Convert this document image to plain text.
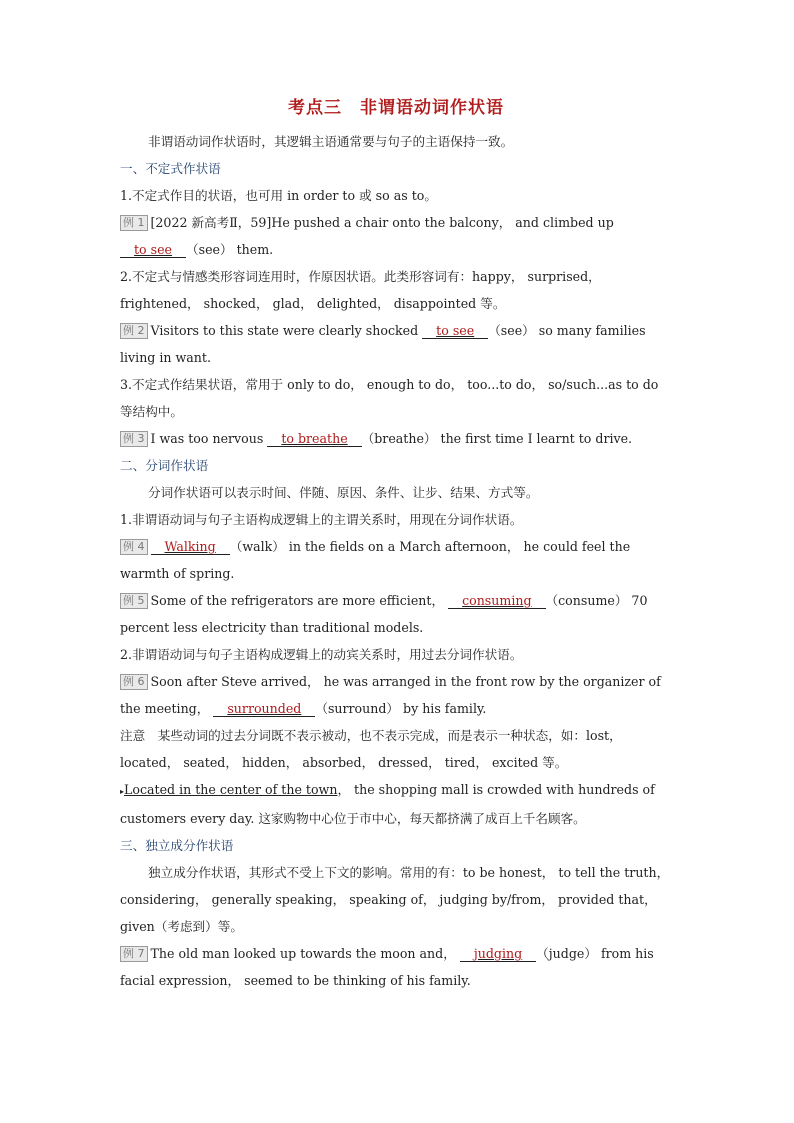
考点三　非谓语动词作状语

非谓语动词作状语时，其逻辑主语通常要与句子的主语保持一致。

一、不定式作状语

1.不定式作目的状语，也可用 in order to 或 so as to。

例 1 [2022 新高考Ⅱ，59]He pushed a chair onto the balcony， and climbed up to see （see） them.

2.不定式与情感类形容词连用时，作原因状语。此类形容词有：happy， surprised， frightened， shocked， glad， delighted， disappointed 等。

例 2 Visitors to this state were clearly shocked to see （see） so many families living in want.

3.不定式作结果状语，常用于 only to do， enough to do， too...to do， so/such...as to do 等结构中。

例 3 I was too nervous to breathe （breathe） the first time I learnt to drive.

二、分词作状语

分词作状语可以表示时间、伴随、原因、条件、让步、结果、方式等。

1.非谓语动词与句子主语构成逻辑上的主谓关系时，用现在分词作状语。

例 4 Walking （walk） in the fields on a March afternoon， he could feel the warmth of spring.

例 5 Some of the refrigerators are more efficient， consuming （consume） 70 percent less electricity than traditional models.

2.非谓语动词与句子主语构成逻辑上的动宾关系时，用过去分词作状语。

例 6 Soon after Steve arrived， he was arranged in the front row by the organizer of the meeting， surrounded （surround） by his family.

注意　某些动词的过去分词既不表示被动，也不表示完成，而是表示一种状态，如：lost， located， seated， hidden， absorbed， dressed， tired， excited 等。

▸Located in the center of the town， the shopping mall is crowded with hundreds of customers every day. 这家购物中心位于市中心，每天都挤满了成百上千名顾客。

三、独立成分作状语

独立成分作状语，其形式不受上下文的影响。常用的有：to be honest， to tell the truth， considering， generally speaking， speaking of， judging by/from， provided that， given（考虑到）等。

例 7 The old man looked up towards the moon and， judging （judge） from his facial expression， seemed to be thinking of his family.
